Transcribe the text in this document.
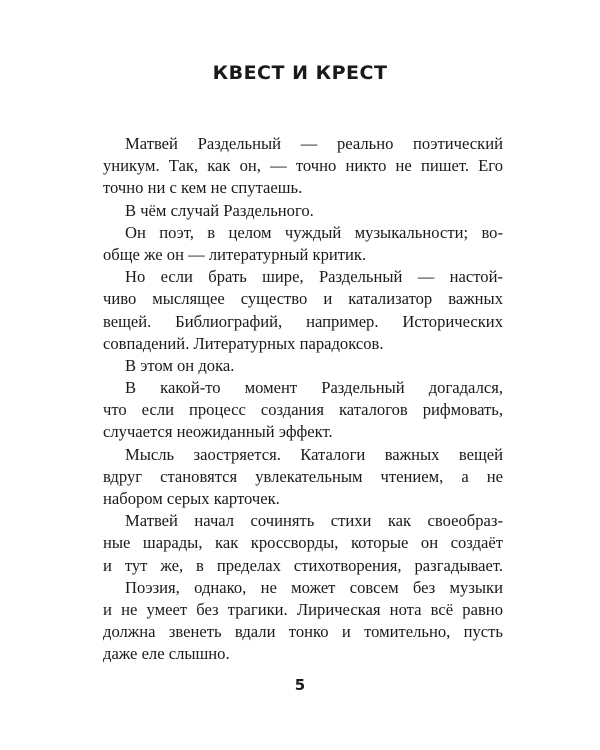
КВЕСТ И КРЕСТ
Матвей Раздельный — реально поэтический
уникум. Так, как он, — точно никто не пишет. Его
точно ни с кем не спутаешь.
В чём случай Раздельного.
Он поэт, в целом чуждый музыкальности; во-
обще же он — литературный критик.
Но если брать шире, Раздельный — настой-
чиво мыслящее существо и катализатор важных
вещей. Библиографий, например. Исторических
совпадений. Литературных парадоксов.
В этом он дока.
В какой-то момент Раздельный догадался,
что если процесс создания каталогов рифмовать,
случается неожиданный эффект.
Мысль заостряется. Каталоги важных вещей
вдруг становятся увлекательным чтением, а не
набором серых карточек.
Матвей начал сочинять стихи как своеобраз-
ные шарады, как кроссворды, которые он создаёт
и тут же, в пределах стихотворения, разгадывает.
Поэзия, однако, не может совсем без музыки
и не умеет без трагики. Лирическая нота всё равно
должна звенеть вдали тонко и томительно, пусть
даже еле слышно.
5
